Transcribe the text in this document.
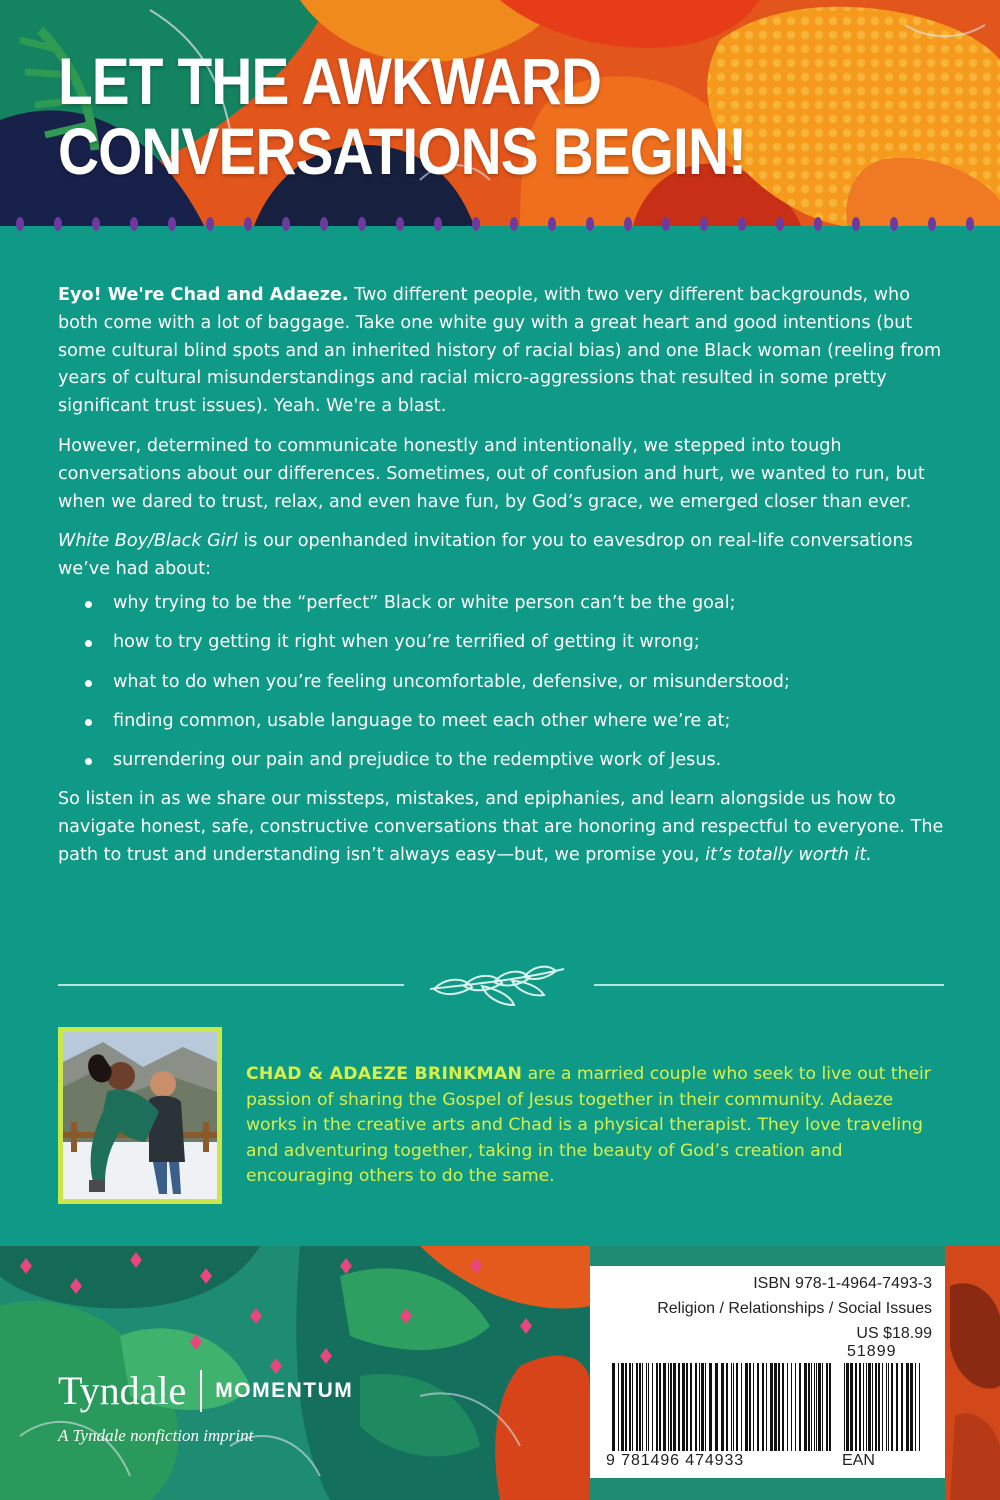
LET THE AWKWARD
CONVERSATIONS BEGIN!

Eyo! We're Chad and Adaeze. Two different people, with two very different backgrounds, who both come with a lot of baggage. Take one white guy with a great heart and good intentions (but some cultural blind spots and an inherited history of racial bias) and one Black woman (reeling from years of cultural misunderstandings and racial micro-aggressions that resulted in some pretty significant trust issues). Yeah. We're a blast.

However, determined to communicate honestly and intentionally, we stepped into tough conversations about our differences. Sometimes, out of confusion and hurt, we wanted to run, but when we dared to trust, relax, and even have fun, by God’s grace, we emerged closer than ever.

White Boy/Black Girl is our openhanded invitation for you to eavesdrop on real-life conversations we’ve had about:

why trying to be the “perfect” Black or white person can’t be the goal;
how to try getting it right when you’re terrified of getting it wrong;
what to do when you’re feeling uncomfortable, defensive, or misunderstood;
finding common, usable language to meet each other where we’re at;
surrendering our pain and prejudice to the redemptive work of Jesus.

So listen in as we share our missteps, mistakes, and epiphanies, and learn alongside us how to navigate honest, safe, constructive conversations that are honoring and respectful to everyone. The path to trust and understanding isn’t always easy—but, we promise you, it’s totally worth it.

CHAD & ADAEZE BRINKMAN are a married couple who seek to live out their passion of sharing the Gospel of Jesus together in their community. Adaeze works in the creative arts and Chad is a physical therapist. They love traveling and adventuring together, taking in the beauty of God’s creation and encouraging others to do the same.

Tyndale MOMENTUM
A Tyndale nonfiction imprint
ISBN 978-1-4964-7493-3
Religion / Relationships / Social Issues
US $18.99
51899
9 781496 474933	EAN
